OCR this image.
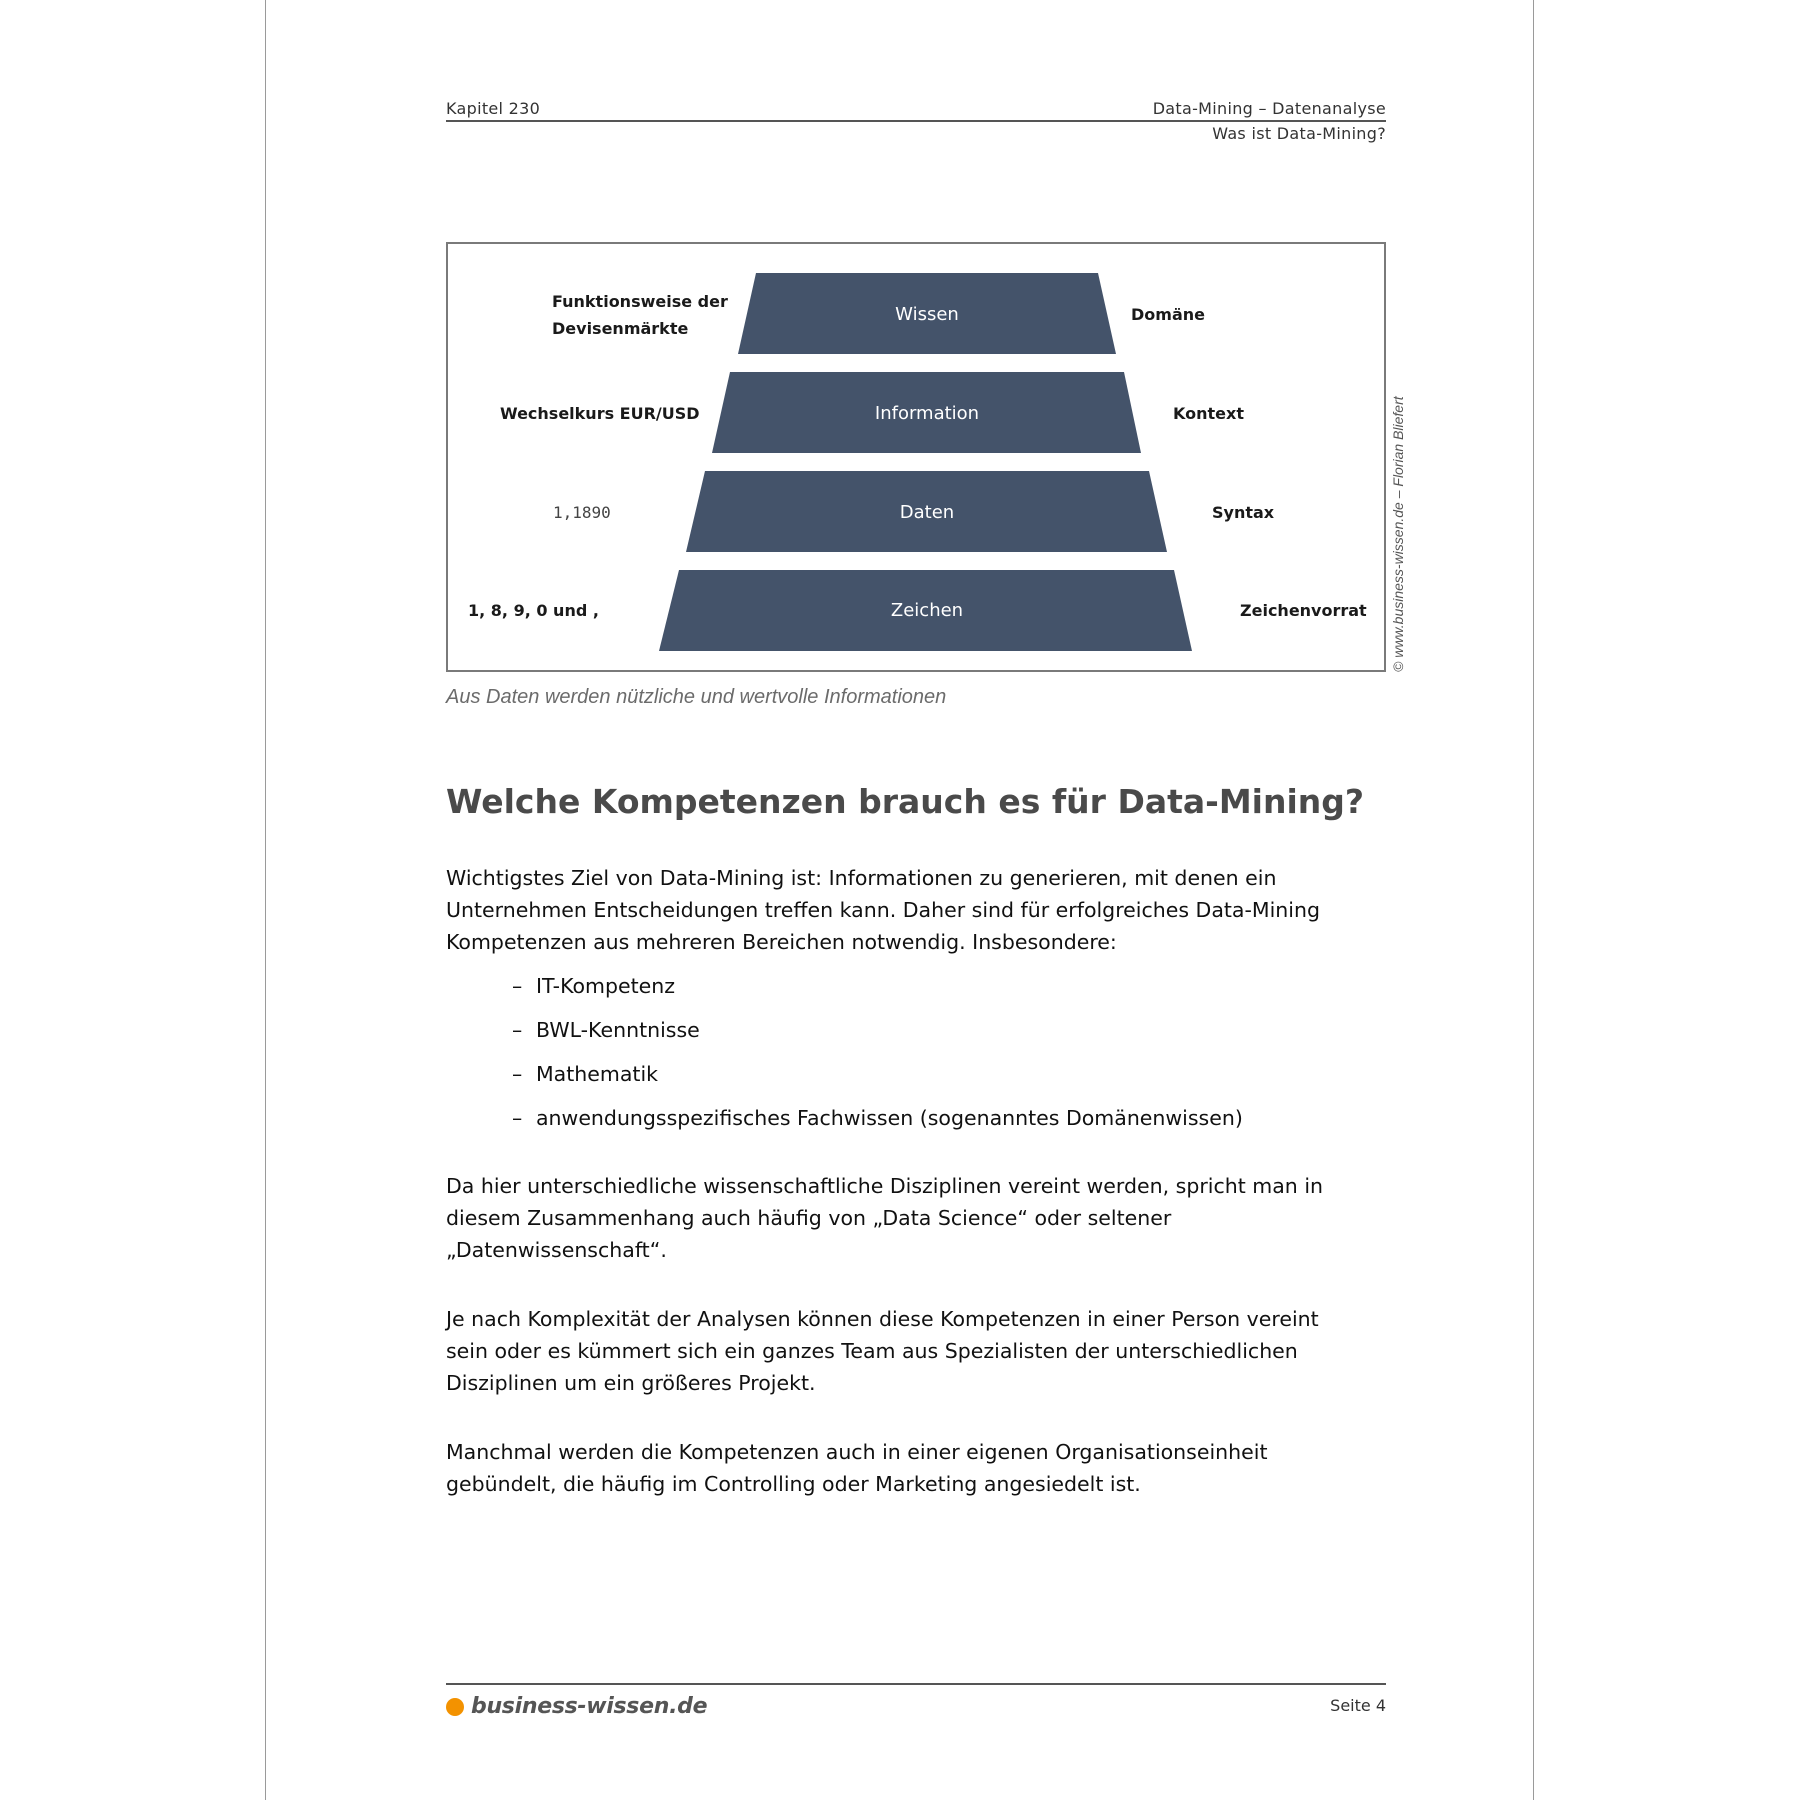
Kapitel 230	Data-Mining – Datenanalyse
Was ist Data-Mining?
Wissen
Funktionsweise der
Devisenmärkte
Domäne
Information
Wechselkurs EUR/USD	Kontext
Daten
1,1890	Syntax
Zeichen
1, 8, 9, 0 und ,	Zeichenvorrat © www.business-wissen.de – Florian Bliefert
Aus Daten werden nützliche und wertvolle Informationen
Welche Kompetenzen brauch es für Data-Mining?

Wichtigstes Ziel von Data-Mining ist: Informationen zu generieren, mit denen ein
Unternehmen Entscheidungen treffen kann. Daher sind für erfolgreiches Data-Mining
Kompetenzen aus mehreren Bereichen notwendig. Insbesondere:

– IT-Kompetenz
– BWL-Kenntnisse
– Mathematik
– anwendungsspezifisches Fachwissen (sogenanntes Domänenwissen)

Da hier unterschiedliche wissenschaftliche Disziplinen vereint werden, spricht man in
diesem Zusammenhang auch häufig von „Data Science“ oder seltener
„Datenwissenschaft“.

Je nach Komplexität der Analysen können diese Kompetenzen in einer Person vereint
sein oder es kümmert sich ein ganzes Team aus Spezialisten der unterschiedlichen
Disziplinen um ein größeres Projekt.

Manchmal werden die Kompetenzen auch in einer eigenen Organisationseinheit
gebündelt, die häufig im Controlling oder Marketing angesiedelt ist.

business-wissen.de	Seite 4
